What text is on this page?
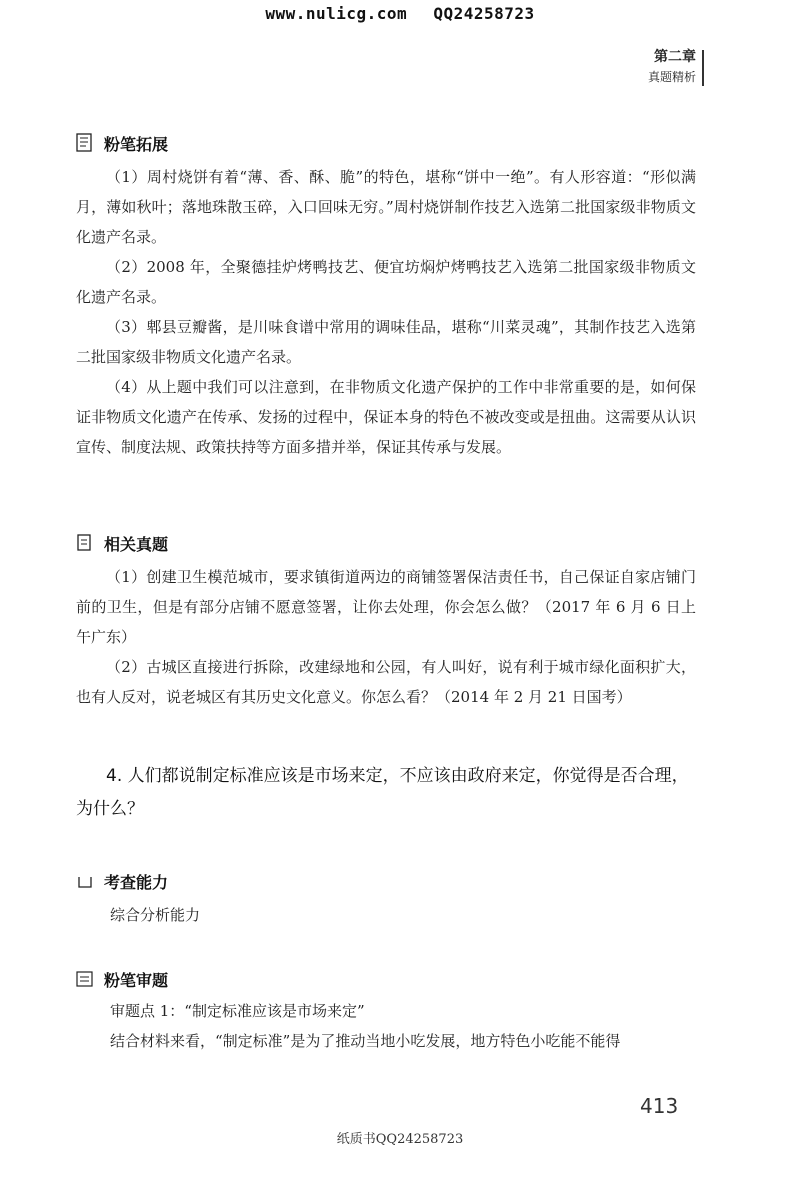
www.nulicg.com QQ24258723
第二章
真题精析
粉笔拓展

（1）周村烧饼有着“薄、香、酥、脆”的特色，堪称“饼中一绝”。有人形容道：“形似满月，薄如秋叶；落地珠散玉碎，入口回味无穷。”周村烧饼制作技艺入选第二批国家级非物质文化遗产名录。

（2）2008 年，全聚德挂炉烤鸭技艺、便宜坊焖炉烤鸭技艺入选第二批国家级非物质文化遗产名录。

（3）郫县豆瓣酱，是川味食谱中常用的调味佳品，堪称“川菜灵魂”，其制作技艺入选第二批国家级非物质文化遗产名录。

（4）从上题中我们可以注意到，在非物质文化遗产保护的工作中非常重要的是，如何保证非物质文化遗产在传承、发扬的过程中，保证本身的特色不被改变或是扭曲。这需要从认识宣传、制度法规、政策扶持等方面多措并举，保证其传承与发展。

相关真题

（1）创建卫生模范城市，要求镇街道两边的商铺签署保洁责任书，自己保证自家店铺门前的卫生，但是有部分店铺不愿意签署，让你去处理，你会怎么做？（2017 年 6 月 6 日上午广东）

（2）古城区直接进行拆除，改建绿地和公园，有人叫好，说有利于城市绿化面积扩大，也有人反对，说老城区有其历史文化意义。你怎么看？（2014 年 2 月 21 日国考）

4. 人们都说制定标准应该是市场来定，不应该由政府来定，你觉得是否合理，为什么？

考查能力

综合分析能力

粉笔审题

审题点 1：“制定标准应该是市场来定”

结合材料来看，“制定标准”是为了推动当地小吃发展，地方特色小吃能不能得

413
纸质书QQ24258723
